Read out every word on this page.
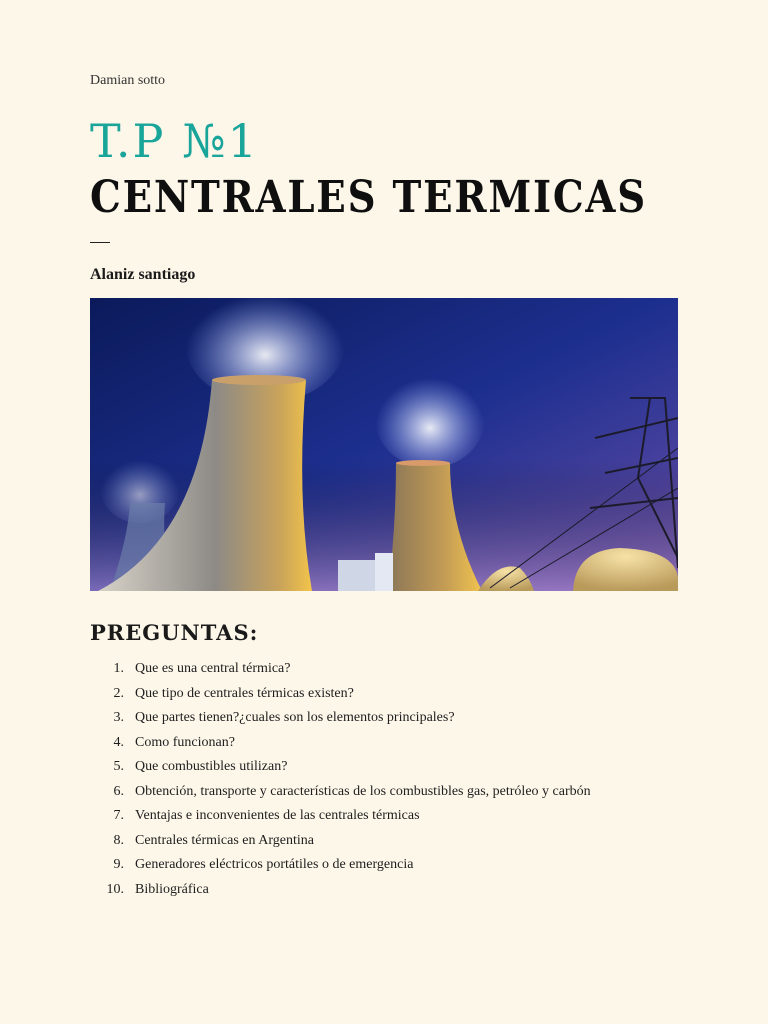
Damian sotto
T.P №1
CENTRALES TERMICAS
Alaniz santiago
PREGUNTAS:
1. Que es una central térmica?
2. Que tipo de centrales térmicas existen?
3. Que partes tienen?¿cuales son los elementos principales?
4. Como funcionan?
5. Que combustibles utilizan?
6. Obtención, transporte y características de los combustibles gas, petróleo y carbón
7. Ventajas e inconvenientes de las centrales térmicas
8. Centrales térmicas en Argentina
9. Generadores eléctricos portátiles o de emergencia
10. Bibliográfica
